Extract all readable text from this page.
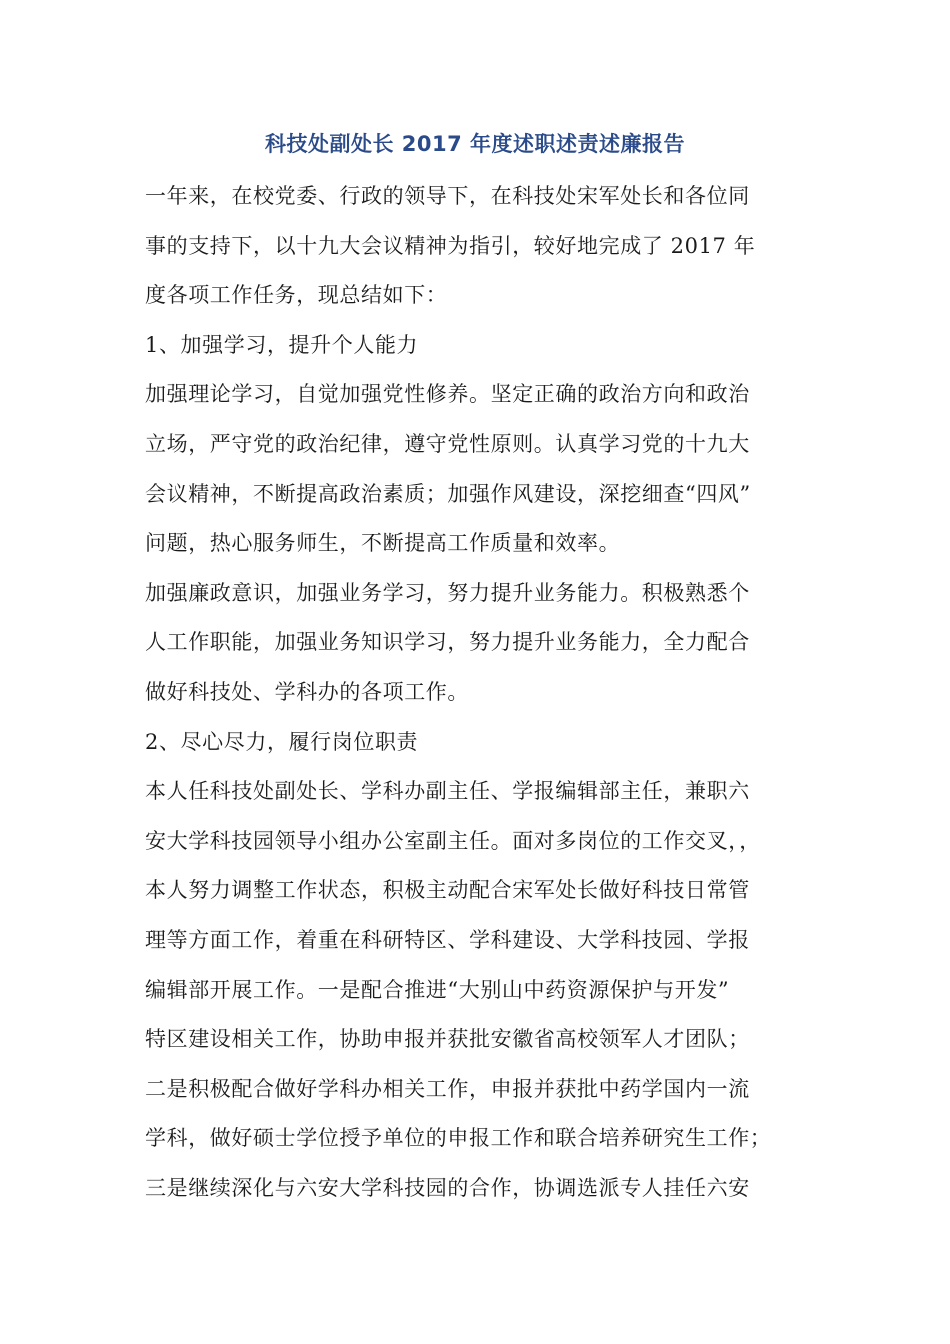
科技处副处长 2017 年度述职述责述廉报告
一年来，在校党委、行政的领导下，在科技处宋军处长和各位同
事的支持下，以十九大会议精神为指引，较好地完成了 2017 年
度各项工作任务，现总结如下：
1、加强学习，提升个人能力
加强理论学习，自觉加强党性修养。坚定正确的政治方向和政治
立场，严守党的政治纪律，遵守党性原则。认真学习党的十九大
会议精神，不断提高政治素质；加强作风建设，深挖细查“四风”
问题，热心服务师生，不断提高工作质量和效率。
加强廉政意识，加强业务学习，努力提升业务能力。积极熟悉个
人工作职能，加强业务知识学习，努力提升业务能力，全力配合
做好科技处、学科办的各项工作。
2、尽心尽力，履行岗位职责
本人任科技处副处长、学科办副主任、学报编辑部主任，兼职六
安大学科技园领导小组办公室副主任。面对多岗位的工作交叉，，
本人努力调整工作状态，积极主动配合宋军处长做好科技日常管
理等方面工作，着重在科研特区、学科建设、大学科技园、学报
编辑部开展工作。一是配合推进“大别山中药资源保护与开发”
特区建设相关工作，协助申报并获批安徽省高校领军人才团队；
二是积极配合做好学科办相关工作，申报并获批中药学国内一流
学科，做好硕士学位授予单位的申报工作和联合培养研究生工作；
三是继续深化与六安大学科技园的合作，协调选派专人挂任六安
